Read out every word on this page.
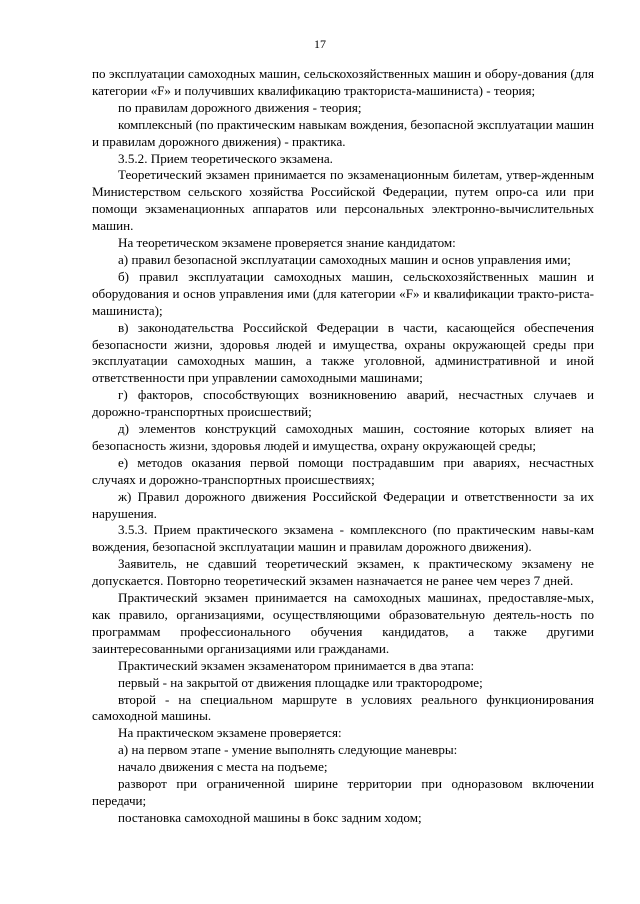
17

по эксплуатации самоходных машин, сельскохозяйственных машин и обору-дования (для категории «F» и получивших квалификацию тракториста-машиниста) - теория;

по правилам дорожного движения - теория;

комплексный (по практическим навыкам вождения, безопасной эксплуатации машин и правилам дорожного движения) - практика.

3.5.2. Прием теоретического экзамена.

Теоретический экзамен принимается по экзаменационным билетам, утвер-жденным Министерством сельского хозяйства Российской Федерации, путем опро-са или при помощи экзаменационных аппаратов или персональных электронно-вычислительных машин.

На теоретическом экзамене проверяется знание кандидатом:

а) правил безопасной эксплуатации самоходных машин и основ управления ими;

б) правил эксплуатации самоходных машин, сельскохозяйственных машин и оборудования и основ управления ими (для категории «F» и квалификации тракто-риста-машиниста);

в) законодательства Российской Федерации в части, касающейся обеспечения безопасности жизни, здоровья людей и имущества, охраны окружающей среды при эксплуатации самоходных машин, а также уголовной, административной и иной ответственности при управлении самоходными машинами;

г) факторов, способствующих возникновению аварий, несчастных случаев и дорожно-транспортных происшествий;

д) элементов конструкций самоходных машин, состояние которых влияет на безопасность жизни, здоровья людей и имущества, охрану окружающей среды;

е) методов оказания первой помощи пострадавшим при авариях, несчастных случаях и дорожно-транспортных происшествиях;

ж) Правил дорожного движения Российской Федерации и ответственности за их нарушения.

3.5.3. Прием практического экзамена - комплексного (по практическим навы-кам вождения, безопасной эксплуатации машин и правилам дорожного движения).

Заявитель, не сдавший теоретический экзамен, к практическому экзамену не допускается. Повторно теоретический экзамен назначается не ранее чем через 7 дней.

Практический экзамен принимается на самоходных машинах, предоставляе-мых, как правило, организациями, осуществляющими образовательную деятель-ность по программам профессионального обучения кандидатов, а также другими заинтересованными организациями или гражданами.

Практический экзамен экзаменатором принимается в два этапа:

первый - на закрытой от движения площадке или трактородроме;

второй - на специальном маршруте в условиях реального функционирования самоходной машины.

На практическом экзамене проверяется:

а) на первом этапе - умение выполнять следующие маневры:

начало движения с места на подъеме;

разворот при ограниченной ширине территории при одноразовом включении передачи;

постановка самоходной машины в бокс задним ходом;
